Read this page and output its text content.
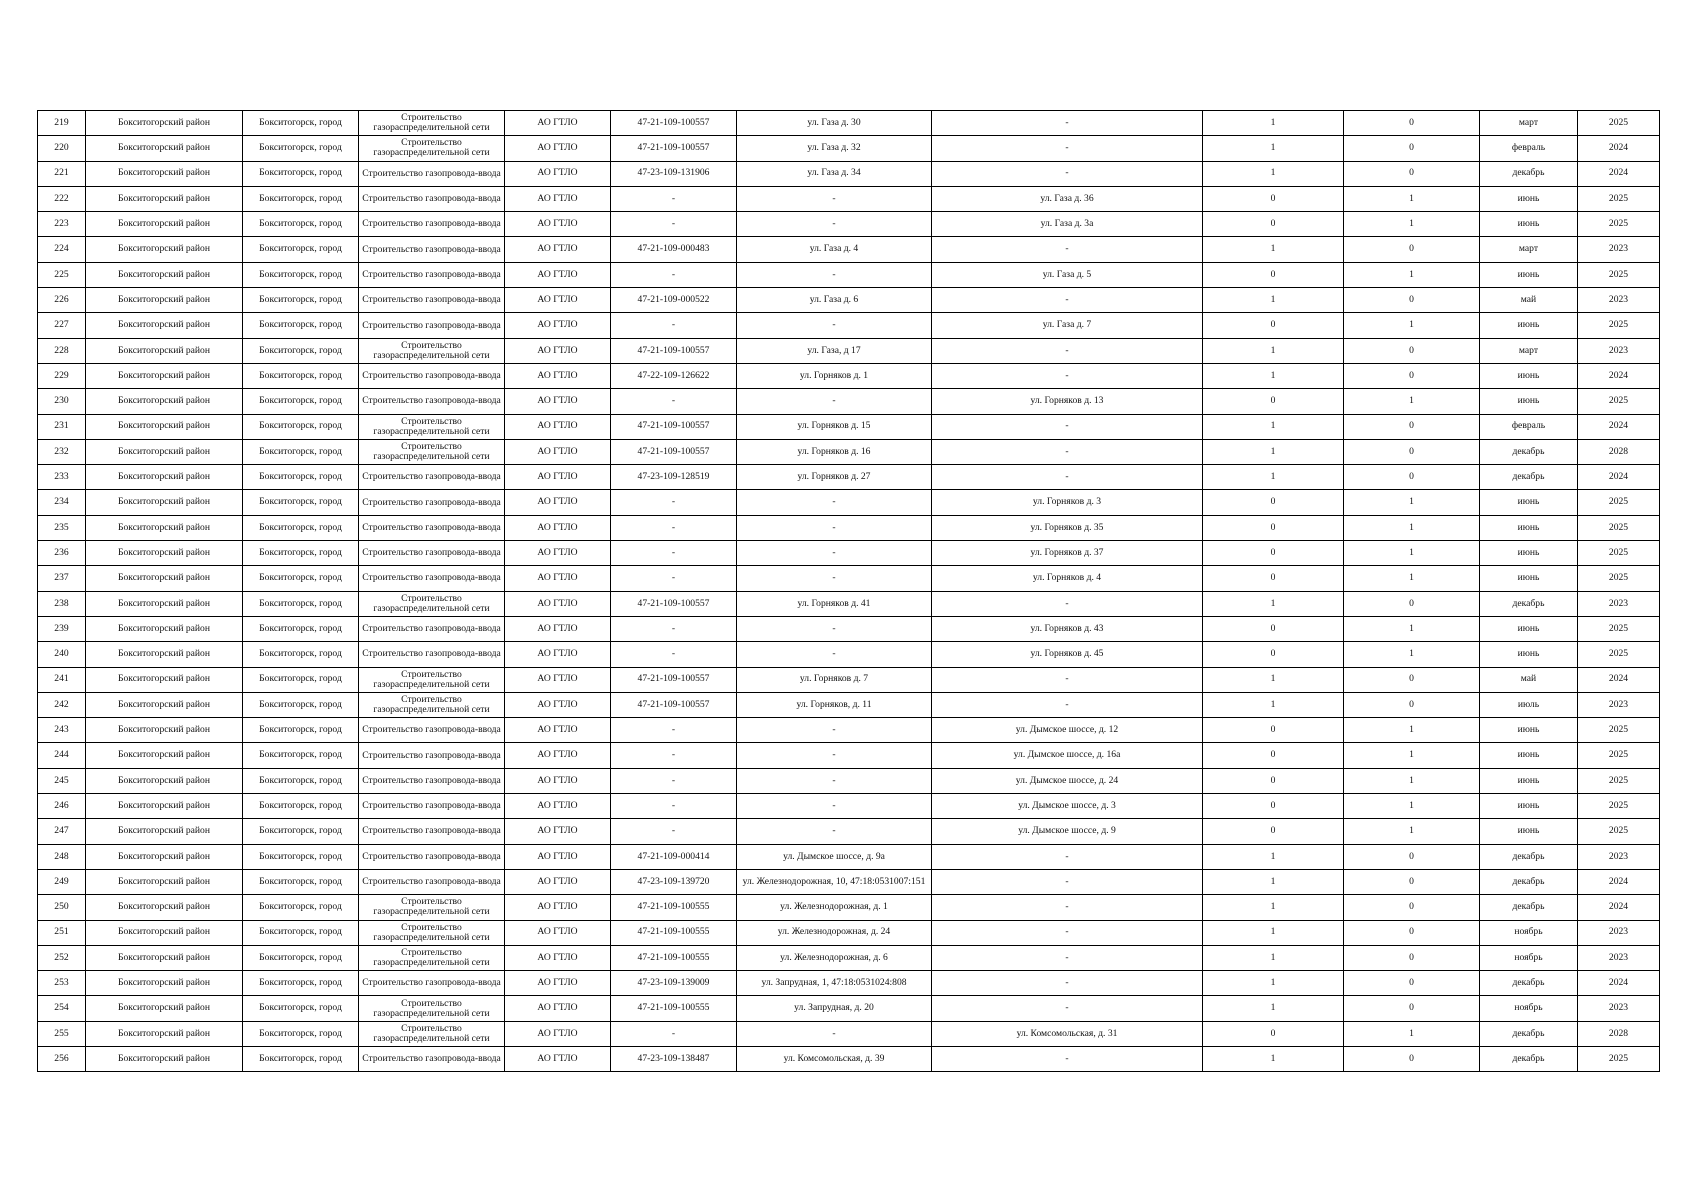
219	Бокситогорский район	Бокситогорск, город	Строительство газораспределительной сети	АО ГТЛО	47-21-109-100557	ул. Газа д. 30	-	1	0	март	2025
220	Бокситогорский район	Бокситогорск, город	Строительство газораспределительной сети	АО ГТЛО	47-21-109-100557	ул. Газа д. 32	-	1	0	февраль	2024
221	Бокситогорский район	Бокситогорск, город	Строительство газопровода-ввода	АО ГТЛО	47-23-109-131906	ул. Газа д. 34	-	1	0	декабрь	2024
222	Бокситогорский район	Бокситогорск, город	Строительство газопровода-ввода	АО ГТЛО	-	-	ул. Газа д. 36	0	1	июнь	2025
223	Бокситогорский район	Бокситогорск, город	Строительство газопровода-ввода	АО ГТЛО	-	-	ул. Газа д. 3а	0	1	июнь	2025
224	Бокситогорский район	Бокситогорск, город	Строительство газопровода-ввода	АО ГТЛО	47-21-109-000483	ул. Газа д. 4	-	1	0	март	2023
225	Бокситогорский район	Бокситогорск, город	Строительство газопровода-ввода	АО ГТЛО	-	-	ул. Газа д. 5	0	1	июнь	2025
226	Бокситогорский район	Бокситогорск, город	Строительство газопровода-ввода	АО ГТЛО	47-21-109-000522	ул. Газа д. 6	-	1	0	май	2023
227	Бокситогорский район	Бокситогорск, город	Строительство газопровода-ввода	АО ГТЛО	-	-	ул. Газа д. 7	0	1	июнь	2025
228	Бокситогорский район	Бокситогорск, город	Строительство газораспределительной сети	АО ГТЛО	47-21-109-100557	ул. Газа, д 17	-	1	0	март	2023
229	Бокситогорский район	Бокситогорск, город	Строительство газопровода-ввода	АО ГТЛО	47-22-109-126622	ул. Горняков д. 1	-	1	0	июнь	2024
230	Бокситогорский район	Бокситогорск, город	Строительство газопровода-ввода	АО ГТЛО	-	-	ул. Горняков д. 13	0	1	июнь	2025
231	Бокситогорский район	Бокситогорск, город	Строительство газораспределительной сети	АО ГТЛО	47-21-109-100557	ул. Горняков д. 15	-	1	0	февраль	2024
232	Бокситогорский район	Бокситогорск, город	Строительство газораспределительной сети	АО ГТЛО	47-21-109-100557	ул. Горняков д. 16	-	1	0	декабрь	2028
233	Бокситогорский район	Бокситогорск, город	Строительство газопровода-ввода	АО ГТЛО	47-23-109-128519	ул. Горняков д. 27	-	1	0	декабрь	2024
234	Бокситогорский район	Бокситогорск, город	Строительство газопровода-ввода	АО ГТЛО	-	-	ул. Горняков д. 3	0	1	июнь	2025
235	Бокситогорский район	Бокситогорск, город	Строительство газопровода-ввода	АО ГТЛО	-	-	ул. Горняков д. 35	0	1	июнь	2025
236	Бокситогорский район	Бокситогорск, город	Строительство газопровода-ввода	АО ГТЛО	-	-	ул. Горняков д. 37	0	1	июнь	2025
237	Бокситогорский район	Бокситогорск, город	Строительство газопровода-ввода	АО ГТЛО	-	-	ул. Горняков д. 4	0	1	июнь	2025
238	Бокситогорский район	Бокситогорск, город	Строительство газораспределительной сети	АО ГТЛО	47-21-109-100557	ул. Горняков д. 41	-	1	0	декабрь	2023
239	Бокситогорский район	Бокситогорск, город	Строительство газопровода-ввода	АО ГТЛО	-	-	ул. Горняков д. 43	0	1	июнь	2025
240	Бокситогорский район	Бокситогорск, город	Строительство газопровода-ввода	АО ГТЛО	-	-	ул. Горняков д. 45	0	1	июнь	2025
241	Бокситогорский район	Бокситогорск, город	Строительство газораспределительной сети	АО ГТЛО	47-21-109-100557	ул. Горняков д. 7	-	1	0	май	2024
242	Бокситогорский район	Бокситогорск, город	Строительство газораспределительной сети	АО ГТЛО	47-21-109-100557	ул. Горняков, д. 11	-	1	0	июль	2023
243	Бокситогорский район	Бокситогорск, город	Строительство газопровода-ввода	АО ГТЛО	-	-	ул. Дымское шоссе, д. 12	0	1	июнь	2025
244	Бокситогорский район	Бокситогорск, город	Строительство газопровода-ввода	АО ГТЛО	-	-	ул. Дымское шоссе, д. 16а	0	1	июнь	2025
245	Бокситогорский район	Бокситогорск, город	Строительство газопровода-ввода	АО ГТЛО	-	-	ул. Дымское шоссе, д. 24	0	1	июнь	2025
246	Бокситогорский район	Бокситогорск, город	Строительство газопровода-ввода	АО ГТЛО	-	-	ул. Дымское шоссе, д. 3	0	1	июнь	2025
247	Бокситогорский район	Бокситогорск, город	Строительство газопровода-ввода	АО ГТЛО	-	-	ул. Дымское шоссе, д. 9	0	1	июнь	2025
248	Бокситогорский район	Бокситогорск, город	Строительство газопровода-ввода	АО ГТЛО	47-21-109-000414	ул. Дымское шоссе, д. 9а	-	1	0	декабрь	2023
249	Бокситогорский район	Бокситогорск, город	Строительство газопровода-ввода	АО ГТЛО	47-23-109-139720	ул. Железнодорожная, 10, 47:18:0531007:151	-	1	0	декабрь	2024
250	Бокситогорский район	Бокситогорск, город	Строительство газораспределительной сети	АО ГТЛО	47-21-109-100555	ул. Железнодорожная, д. 1	-	1	0	декабрь	2024
251	Бокситогорский район	Бокситогорск, город	Строительство газораспределительной сети	АО ГТЛО	47-21-109-100555	ул. Железнодорожная, д. 24	-	1	0	ноябрь	2023
252	Бокситогорский район	Бокситогорск, город	Строительство газораспределительной сети	АО ГТЛО	47-21-109-100555	ул. Железнодорожная, д. 6	-	1	0	ноябрь	2023
253	Бокситогорский район	Бокситогорск, город	Строительство газопровода-ввода	АО ГТЛО	47-23-109-139009	ул. Запрудная, 1, 47:18:0531024:808	-	1	0	декабрь	2024
254	Бокситогорский район	Бокситогорск, город	Строительство газораспределительной сети	АО ГТЛО	47-21-109-100555	ул. Запрудная, д. 20	-	1	0	ноябрь	2023
255	Бокситогорский район	Бокситогорск, город	Строительство газораспределительной сети	АО ГТЛО	-	-	ул. Комсомольская, д. 31	0	1	декабрь	2028
256	Бокситогорский район	Бокситогорск, город	Строительство газопровода-ввода	АО ГТЛО	47-23-109-138487	ул. Комсомольская, д. 39	-	1	0	декабрь	2025
